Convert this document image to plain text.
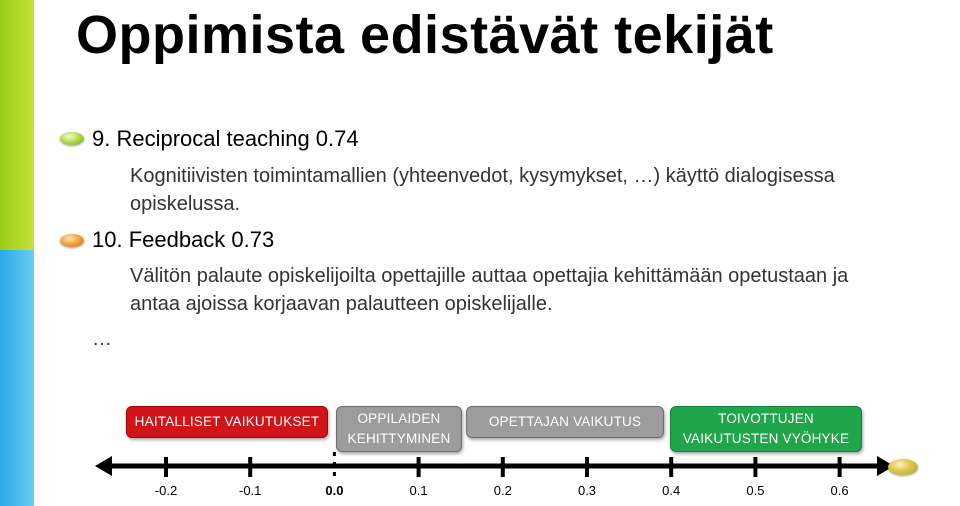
Oppimista edistävät tekijät
9. Reciprocal teaching 0.74
Kognitiivisten toimintamallien (yhteenvedot, kysymykset, …) käyttö dialogisessa opiskelussa.
10. Feedback 0.73
Välitön palaute opiskelijoilta opettajille auttaa opettajia kehittämään opetustaan ja antaa ajoissa korjaavan palautteen opiskelijalle.
…
HAITALLISET VAIKUTUKSET	OPPILAIDEN KEHITTYMINEN
OPETTAJAN VAIKUTUS	TOIVOTTUJEN VAIKUTUSTEN VYÖHYKE
-0.2	-0.1	0.0	0.1	0.2	0.3	0.4	0.5	0.6
